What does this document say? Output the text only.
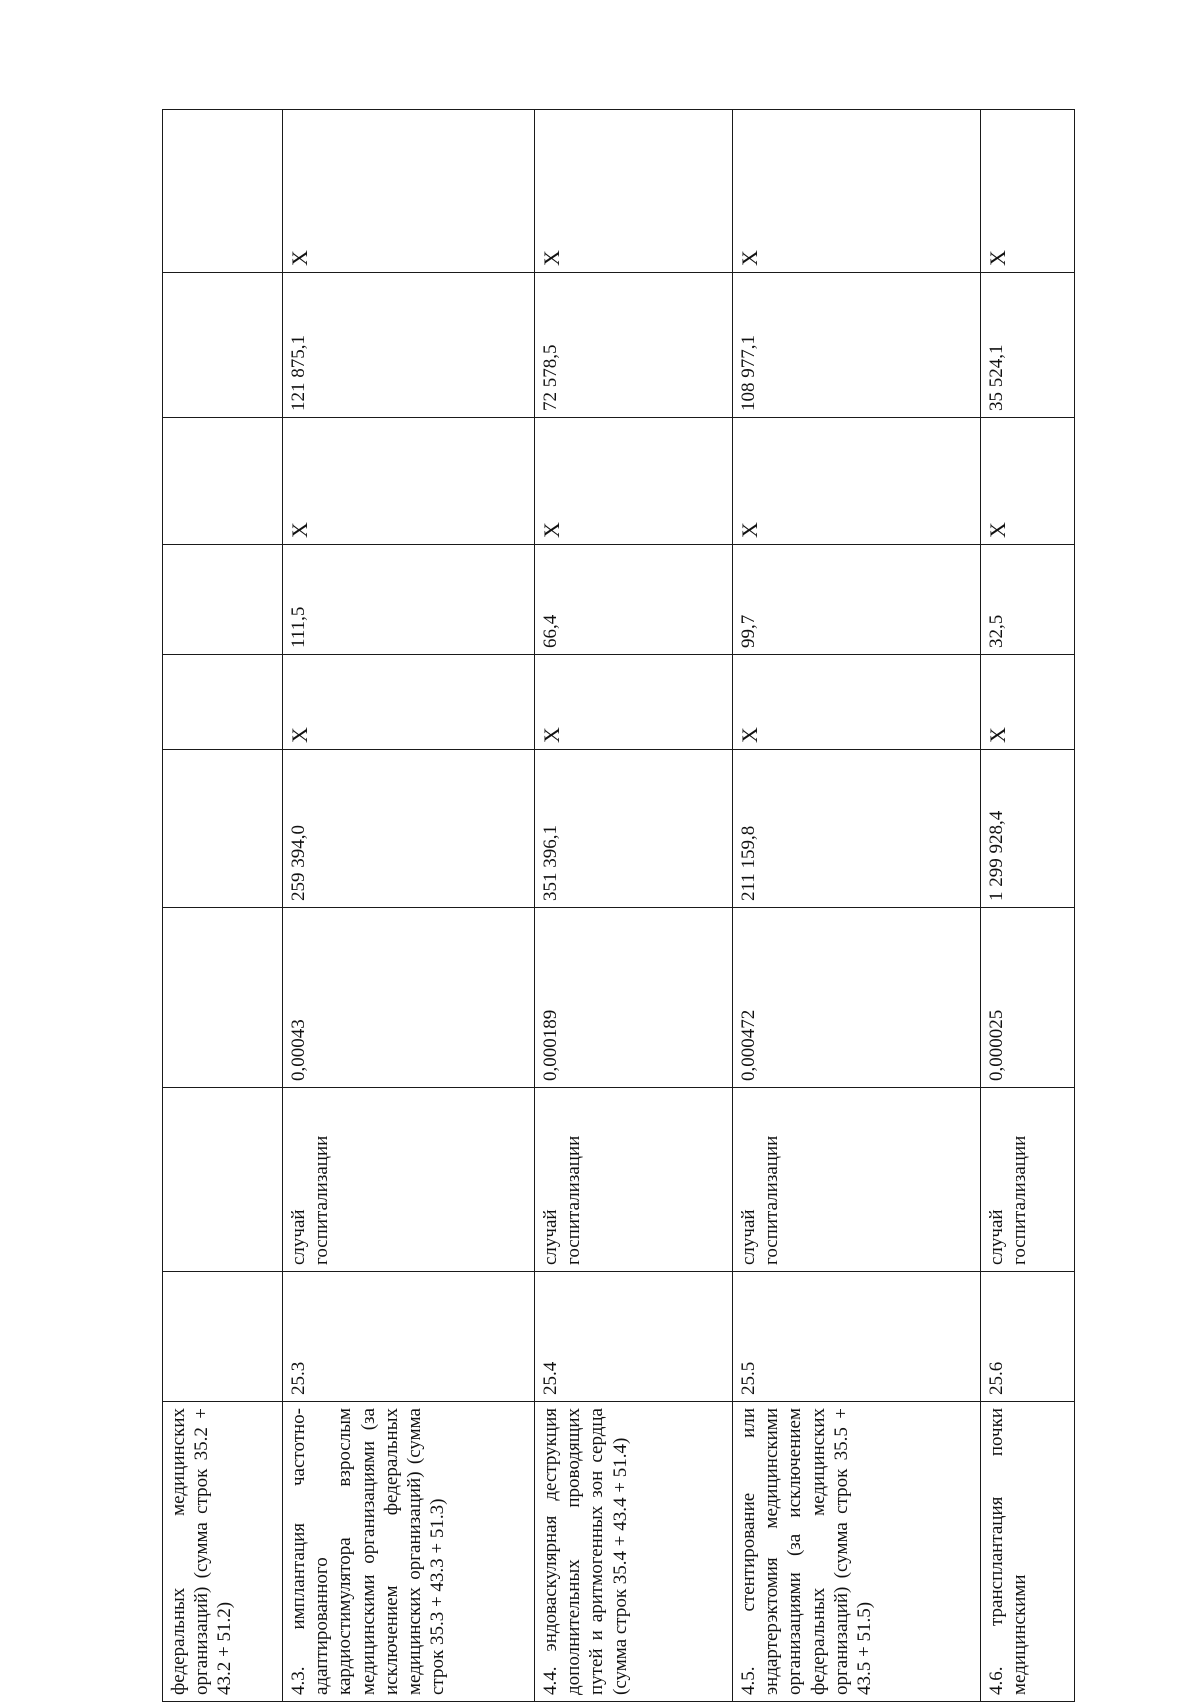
федеральных медицинских организаций) (сумма строк 35.2 + 43.2 + 51.2)									
4.3. имплантация частотно-адаптированного кардиостимулятора взрослым медицинскими организациями (за исключением федеральных медицинских организаций) (сумма строк 35.3 + 43.3 + 51.3)	25.3	случай госпитализации	0,00043	259 394,0	X	111,5	X	121 875,1	X
4.4. эндоваскулярная деструкция дополнительных проводящих путей и аритмогенных зон сердца (сумма строк 35.4 + 43.4 + 51.4)	25.4	случай госпитализации	0,000189	351 396,1	X	66,4	X	72 578,5	X
4.5. стентирование или эндартерэктомия медицинскими организациями (за исключением федеральных медицинских организаций) (сумма строк 35.5 + 43.5 + 51.5)	25.5	случай госпитализации	0,000472	211 159,8	X	99,7	X	108 977,1	X
4.6. трансплантация почки медицинскими	25.6	случай госпитализации	0,000025	1 299 928,4	X	32,5	X	35 524,1	X
